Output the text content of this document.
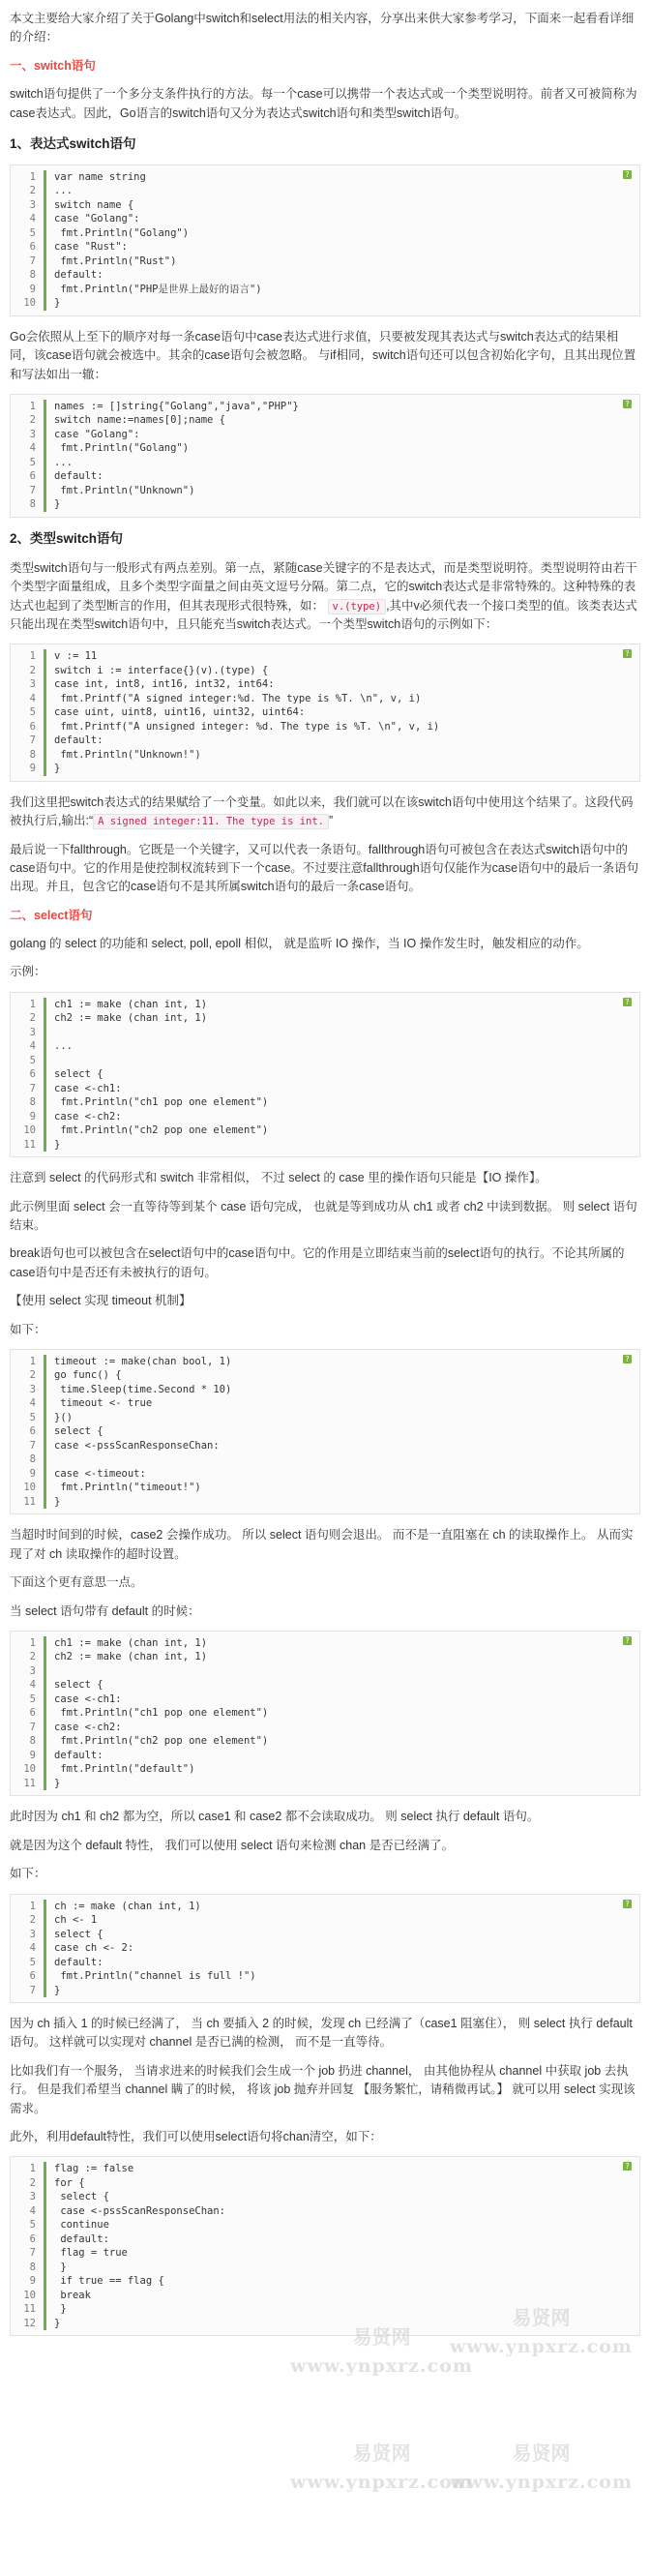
本文主要给大家介绍了关于Golang中switch和select用法的相关内容，分享出来供大家参考学习，下面来一起看看详细的介绍：

一、switch语句

switch语句提供了一个多分支条件执行的方法。每一个case可以携带一个表达式或一个类型说明符。前者又可被简称为case表达式。因此，Go语言的switch语句又分为表达式switch语句和类型switch语句。

1、表达式switch语句
?
1	var name string
2	...
3	switch name {
4	case "Golang":
5	fmt.Println("Golang")
6	case "Rust":
7	fmt.Println("Rust")
8	default:
9	fmt.Println("PHP是世界上最好的语言")
10	}

Go会依照从上至下的顺序对每一条case语句中case表达式进行求值，只要被发现其表达式与switch表达式的结果相同，该case语句就会被选中。其余的case语句会被忽略。 与if相同，switch语句还可以包含初始化字句，且其出现位置和写法如出一辙：

?
1	names := []string{"Golang","java","PHP"}
2	switch name:=names[0];name {
3	case "Golang":
4	fmt.Println("Golang")
5	...
6	default:
7	fmt.Println("Unknown")
8	}
2、类型switch语句

类型switch语句与一般形式有两点差别。第一点，紧随case关键字的不是表达式，而是类型说明符。类型说明符由若干个类型字面量组成，且多个类型字面量之间由英文逗号分隔。第二点，它的switch表达式是非常特殊的。这种特殊的表达式也起到了类型断言的作用，但其表现形式很特殊，如： v.(type) ,其中v必须代表一个接口类型的值。该类表达式只能出现在类型switch语句中，且只能充当switch表达式。一个类型switch语句的示例如下：

?
1	v := 11
2	switch i := interface{}(v).(type) {
3	case int, int8, int16, int32, int64:
4	fmt.Printf("A signed integer:%d. The type is %T. \n", v, i)
5	case uint, uint8, uint16, uint32, uint64:
6	fmt.Printf("A unsigned integer: %d. The type is %T. \n", v, i)
7	default:
8	fmt.Println("Unknown!")
9	}

我们这里把switch表达式的结果赋给了一个变量。如此以来，我们就可以在该switch语句中使用这个结果了。这段代码被执行后,输出:“ A signed integer:11. The type is int. ”

最后说一下fallthrough。它既是一个关键字，又可以代表一条语句。fallthrough语句可被包含在表达式switch语句中的case语句中。它的作用是使控制权流转到下一个case。不过要注意fallthrough语句仅能作为case语句中的最后一条语句出现。并且，包含它的case语句不是其所属switch语句的最后一条case语句。

二、select语句

golang 的 select 的功能和 select, poll, epoll 相似， 就是监听 IO 操作，当 IO 操作发生时，触发相应的动作。

示例：

?
1	ch1 := make (chan int, 1)
2	ch2 := make (chan int, 1)
3

4	...
5

6	select {
7	case <-ch1:
8	fmt.Println("ch1 pop one element")
9	case <-ch2:
10	fmt.Println("ch2 pop one element")
11	}

注意到 select 的代码形式和 switch 非常相似， 不过 select 的 case 里的操作语句只能是【IO 操作】。

此示例里面 select 会一直等待等到某个 case 语句完成， 也就是等到成功从 ch1 或者 ch2 中读到数据。 则 select 语句结束。

break语句也可以被包含在select语句中的case语句中。它的作用是立即结束当前的select语句的执行。不论其所属的case语句中是否还有未被执行的语句。

【使用 select 实现 timeout 机制】

如下：

?
1	timeout := make(chan bool, 1)
2	go func() {
3	time.Sleep(time.Second * 10)
4	timeout <- true
5	}()
6	select {
7	case <-pssScanResponseChan:
8

9	case <-timeout:
10	fmt.Println("timeout!")
11	}

当超时时间到的时候，case2 会操作成功。 所以 select 语句则会退出。 而不是一直阻塞在 ch 的读取操作上。 从而实现了对 ch 读取操作的超时设置。

下面这个更有意思一点。

当 select 语句带有 default 的时候：

?
1	ch1 := make (chan int, 1)
2	ch2 := make (chan int, 1)
3

4	select {
5	case <-ch1:
6	fmt.Println("ch1 pop one element")
7	case <-ch2:
8	fmt.Println("ch2 pop one element")
9	default:
10	fmt.Println("default")
11	}

此时因为 ch1 和 ch2 都为空，所以 case1 和 case2 都不会读取成功。 则 select 执行 default 语句。

就是因为这个 default 特性， 我们可以使用 select 语句来检测 chan 是否已经满了。

如下：

?
1	ch := make (chan int, 1)
2	ch <- 1
3	select {
4	case ch <- 2:
5	default:
6	fmt.Println("channel is full !")
7	}

因为 ch 插入 1 的时候已经满了， 当 ch 要插入 2 的时候，发现 ch 已经满了（case1 阻塞住）， 则 select 执行 default 语句。 这样就可以实现对 channel 是否已满的检测， 而不是一直等待。

比如我们有一个服务， 当请求进来的时候我们会生成一个 job 扔进 channel， 由其他协程从 channel 中获取 job 去执行。 但是我们希望当 channel 瞒了的时候， 将该 job 抛弃并回复 【服务繁忙，请稍微再试。】 就可以用 select 实现该需求。

此外，利用default特性，我们可以使用select语句将chan清空，如下：

?
1	flag := false
2	for {
3	select {
4	case <-pssScanResponseChan:
5	continue
6	default:
7	flag = true
8	}
9	if true == flag {
10	break
11	}
12	}
易贤网
www.ynpxrz.com
易贤网
www.ynpxrz.com
易贤网
www.ynpxrz.com
易贤网
www.ynpxrz.com
